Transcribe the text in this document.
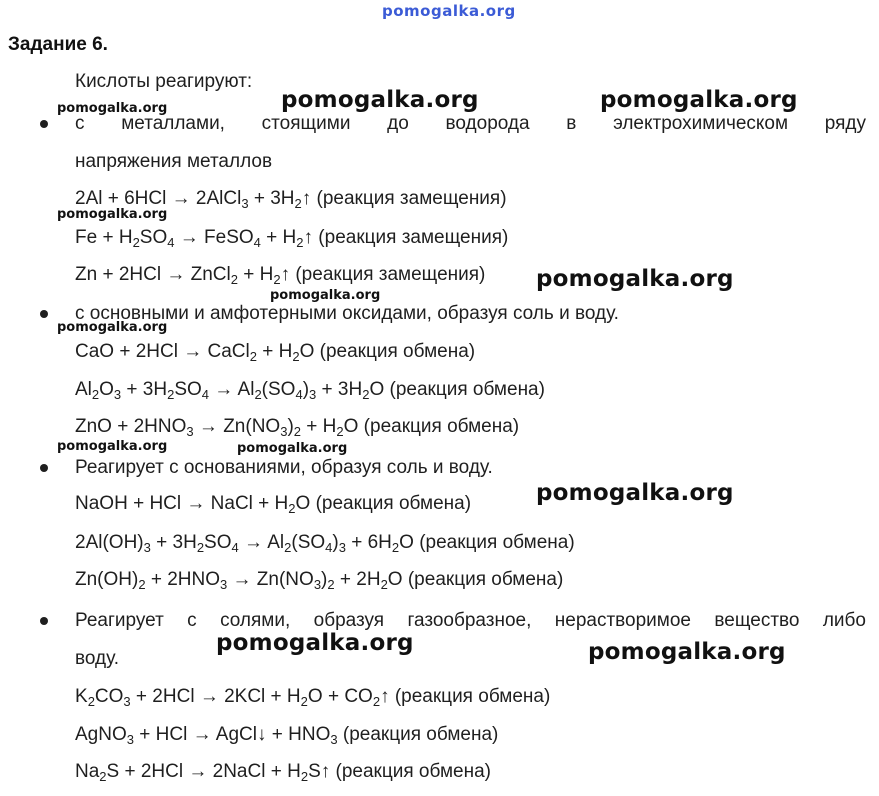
pomogalka.org
pomogalka.org	pomogalka.org
pomogalka.org
pomogalka.org
pomogalka.org	pomogalka.org
pomogalka.org
pomogalka.org
pomogalka.org
pomogalka.org
pomogalka.org	pomogalka.org
Задание 6.
Кислоты реагируют:
с металлами, стоящими до водорода в электрохимическом ряду
напряжения металлов
2Al + 6HCl → 2AlCl$_3$ + $3H_2↑$ (реакция замещения)
$Fe + H_2SO_4$ → FeSO$_4$ + $H_2↑$ (реакция замещения)
Zn + 2HCl → ZnCl$_2$ + $H_2↑$ (реакция замещения)
с основными и амфотерными оксидами, образуя соль и воду.
CaO + 2HCl → CaCl$_2$ + $H_2O$ (реакция обмена)
$Al_2O_3 + 3H_2SO_4 \to Al_2(SO_4)_3 + 3H_2O$ (реакция обмена)
ZnO + $2HNO_3 \to Zn(NO_3)_2 + H_2O$ (реакция обмена)
Реагирует с основаниями, образуя соль и воду.
NaOH + HCl → NaCl + $H_2O$ (реакция обмена)
$2Al(OH)_3 + 3H_2SO_4 \to Al_2(SO_4)_3 + 6H_2O$ (реакция обмена)
$Zn(OH)_2 + 2HNO_3 \to Zn(NO_3)_2 + 2H_2O$ (реакция обмена)
Реагирует с солями, образуя газообразное, нерастворимое вещество либо
воду.
$K_2CO_3 + 2HCl \to 2KCl + H_2O$ + $CO_2↑$ (реакция обмена)
AgNO$_3$ + HCl → AgCl↓ + $HNO_3$ (реакция обмена)
$Na_2S + 2HCl$ → 2NaCl + $H_2S↑$ (реакция обмена)
